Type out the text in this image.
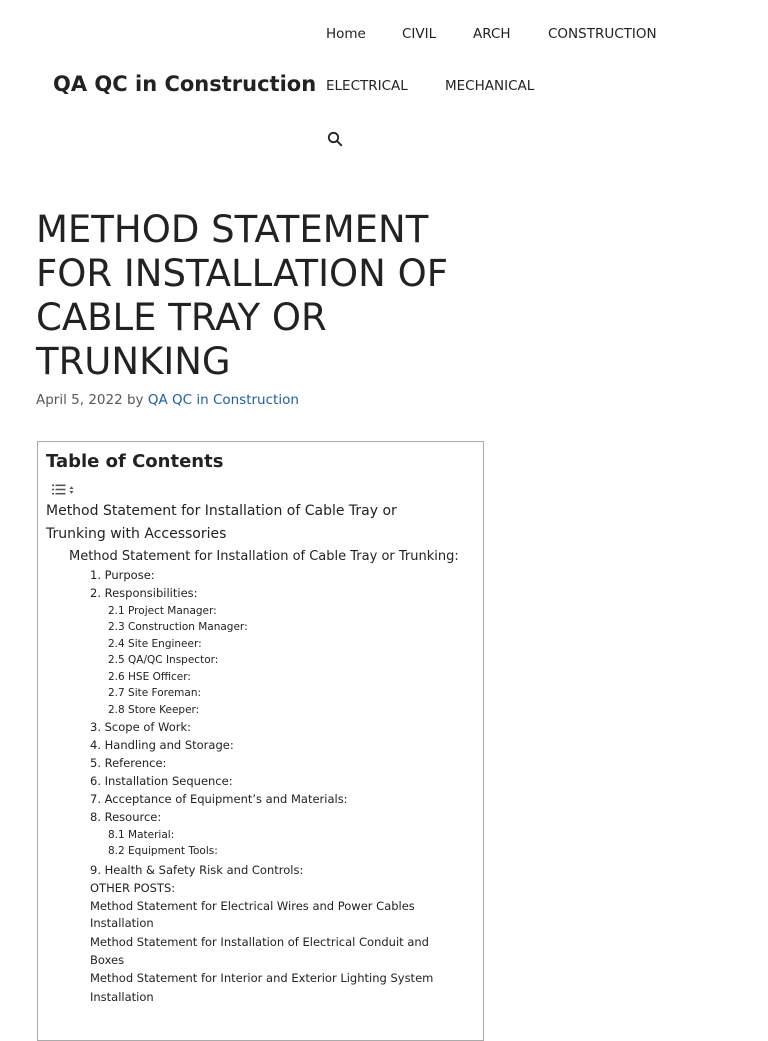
QA QC in Construction
Home	CIVIL	ARCH	CONSTRUCTION
ELECTRICAL	MECHANICAL
METHOD STATEMENT FOR INSTALLATION OF CABLE TRAY OR TRUNKING
April 5, 2022 by QA QC in Construction
Table of Contents
Method Statement for Installation of Cable Tray or
Trunking with Accessories
Method Statement for Installation of Cable Tray or Trunking:
1. Purpose:
2. Responsibilities:
2.1 Project Manager:
2.3 Construction Manager:
2.4 Site Engineer:
2.5 QA/QC Inspector:
2.6 HSE Officer:
2.7 Site Foreman:
2.8 Store Keeper:
3. Scope of Work:
4. Handling and Storage:
5. Reference:
6. Installation Sequence:
7. Acceptance of Equipment’s and Materials:
8. Resource:
8.1 Material:
8.2 Equipment Tools:
9. Health & Safety Risk and Controls:
OTHER POSTS:
Method Statement for Electrical Wires and Power Cables
Installation
Method Statement for Installation of Electrical Conduit and
Boxes
Method Statement for Interior and Exterior Lighting System
Installation
